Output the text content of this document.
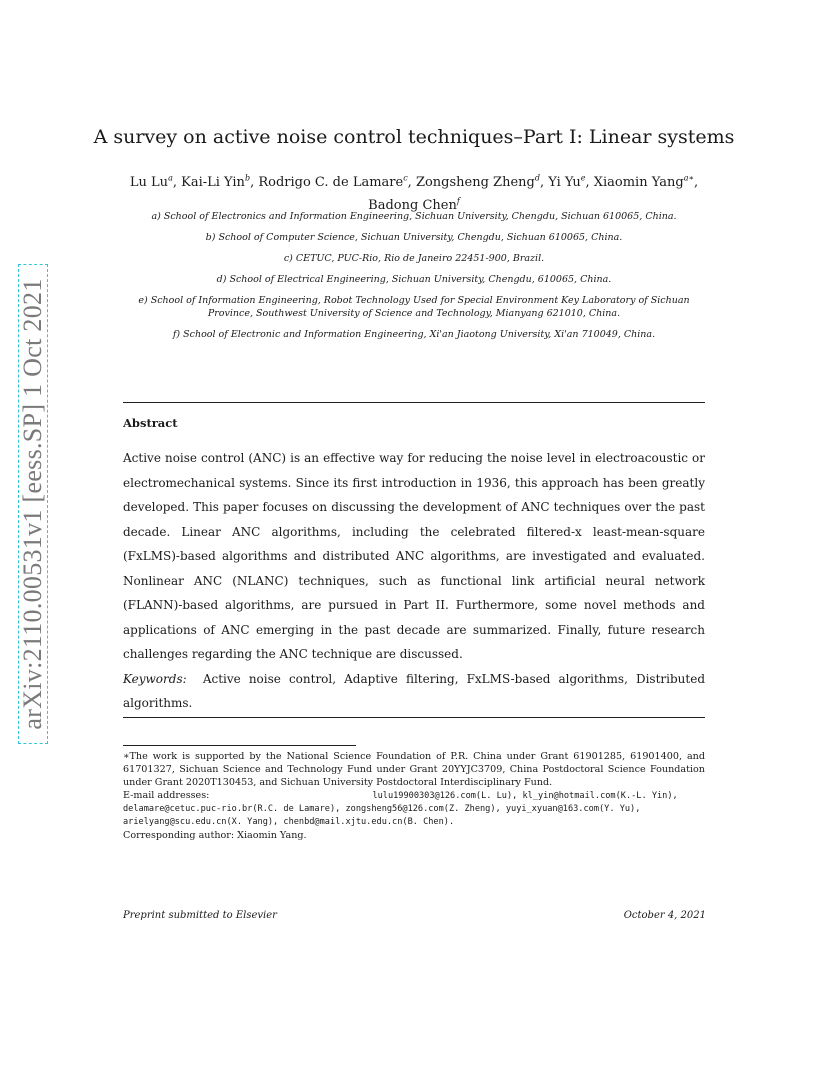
arXiv:2110.00531v1 [eess.SP] 1 Oct 2021
A survey on active noise control techniques–Part I: Linear systems
Lu Lu$^a$, Kai-Li Yin$^b$, Rodrigo C. de Lamare$^c$, Zongsheng Zheng$^d$, Yi Yu$^e$, Xiaomin Yang$^{a∗}$,
Badong Chen$^f$
a) School of Electronics and Information Engineering, Sichuan University, Chengdu, Sichuan 610065, China.
b) School of Computer Science, Sichuan University, Chengdu, Sichuan 610065, China.
c) CETUC, PUC-Rio, Rio de Janeiro 22451-900, Brazil.
d) School of Electrical Engineering, Sichuan University, Chengdu, 610065, China.
e) School of Information Engineering, Robot Technology Used for Special Environment Key Laboratory of Sichuan
Province, Southwest University of Science and Technology, Mianyang 621010, China.
f) School of Electronic and Information Engineering, Xi'an Jiaotong University, Xi'an 710049, China.
Abstract
Active noise control (ANC) is an effective way for reducing the noise level in electroacoustic or electromechanical systems. Since its first introduction in 1936, this approach has been greatly developed. This paper focuses on discussing the development of ANC techniques over the past decade. Linear ANC algorithms, including the celebrated filtered-x least-mean-square (FxLMS)-based algorithms and distributed ANC algorithms, are investigated and evaluated. Nonlinear ANC (NLANC) techniques, such as functional link artificial neural network (FLANN)-based algorithms, are pursued in Part II. Furthermore, some novel methods and applications of ANC emerging in the past decade are summarized. Finally, future research challenges regarding the ANC technique are discussed.
Keywords: Active noise control, Adaptive filtering, FxLMS-based algorithms, Distributed algorithms.
∗The work is supported by the National Science Foundation of P.R. China under Grant 61901285, 61901400, and 61701327, Sichuan Science and Technology Fund under Grant 20YYJC3709, China Postdoctoral Science Foundation under Grant 2020T130453, and Sichuan University Postdoctoral Interdisciplinary Fund.
E-mail addresses:	lulu19900303@126.com(L. Lu), kl_yin@hotmail.com(K.-L. Yin),
delamare@cetuc.puc-rio.br(R.C. de Lamare), zongsheng56@126.com(Z. Zheng), yuyi_xyuan@163.com(Y. Yu),
arielyang@scu.edu.cn(X. Yang), chenbd@mail.xjtu.edu.cn(B. Chen).
Corresponding author: Xiaomin Yang.
Preprint submitted to Elsevier	October 4, 2021
